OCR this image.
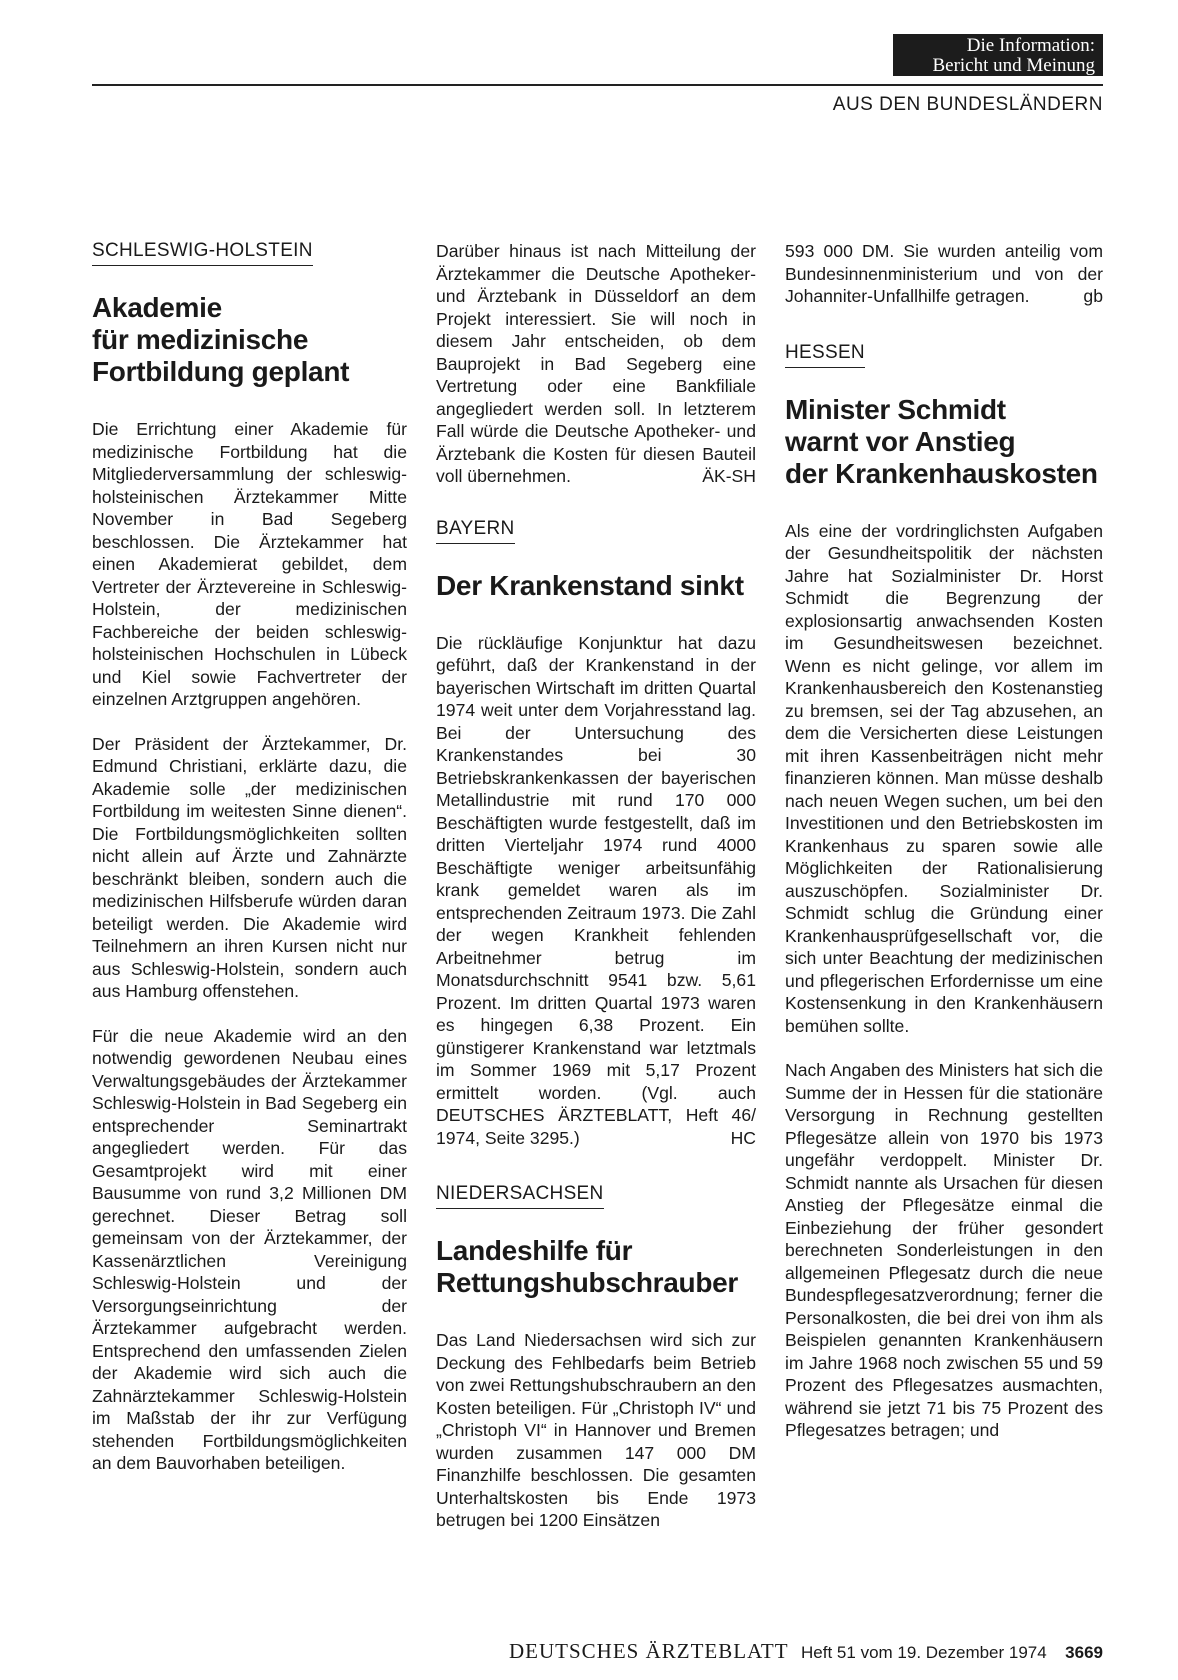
Die Information:
Bericht und Meinung
AUS DEN BUNDESLÄNDERN
SCHLESWIG-HOLSTEIN
Akademie
für medizinische
Fortbildung geplant

Die Errichtung einer Akademie für medizinische Fortbildung hat die Mitgliederversammlung der schleswig-holsteinischen Ärztekammer Mitte November in Bad Segeberg beschlossen. Die Ärztekammer hat einen Akademierat gebildet, dem Vertreter der Ärztevereine in Schleswig-Holstein, der medizinischen Fachbereiche der beiden schleswig-holsteinischen Hochschulen in Lübeck und Kiel sowie Fachvertreter der einzelnen Arztgruppen angehören.

Der Präsident der Ärztekammer, Dr. Edmund Christiani, erklärte dazu, die Akademie solle „der medizinischen Fortbildung im weitesten Sinne dienen“. Die Fortbildungsmöglichkeiten sollten nicht allein auf Ärzte und Zahnärzte beschränkt bleiben, sondern auch die medizinischen Hilfsberufe würden daran beteiligt werden. Die Akademie wird Teilnehmern an ihren Kursen nicht nur aus Schleswig-Holstein, sondern auch aus Hamburg offenstehen.

Für die neue Akademie wird an den notwendig gewordenen Neubau eines Verwaltungsgebäudes der Ärztekammer Schleswig-Holstein in Bad Segeberg ein entsprechender Seminartrakt angegliedert werden. Für das Gesamtprojekt wird mit einer Bausumme von rund 3,2 Millionen DM gerechnet. Dieser Betrag soll gemeinsam von der Ärztekammer, der Kassenärztlichen Vereinigung Schleswig-Holstein und der Versorgungseinrichtung der Ärztekammer aufgebracht werden. Entsprechend den umfassenden Zielen der Akademie wird sich auch die Zahnärztekammer Schleswig-Holstein im Maßstab der ihr zur Verfügung stehenden Fortbildungsmöglichkeiten an dem Bauvorhaben beteiligen.

Darüber hinaus ist nach Mitteilung der Ärztekammer die Deutsche Apotheker- und Ärztebank in Düsseldorf an dem Projekt interessiert. Sie will noch in diesem Jahr entscheiden, ob dem Bauprojekt in Bad Segeberg eine Vertretung oder eine Bankfiliale angegliedert werden soll. In letzterem Fall würde die Deutsche Apotheker- und Ärztebank die Kosten für diesen Bauteil voll übernehmen.	ÄK-SH

BAYERN
Der Krankenstand sinkt

Die rückläufige Konjunktur hat dazu geführt, daß der Krankenstand in der bayerischen Wirtschaft im dritten Quartal 1974 weit unter dem Vorjahresstand lag. Bei der Untersuchung des Krankenstandes bei 30 Betriebskrankenkassen der bayerischen Metallindustrie mit rund 170 000 Beschäftigten wurde festgestellt, daß im dritten Vierteljahr 1974 rund 4000 Beschäftigte weniger arbeitsunfähig krank gemeldet waren als im entsprechenden Zeitraum 1973. Die Zahl der wegen Krankheit fehlenden Arbeitnehmer betrug im Monatsdurchschnitt 9541 bzw. 5,61 Prozent. Im dritten Quartal 1973 waren es hingegen 6,38 Prozent. Ein günstigerer Krankenstand war letztmals im Sommer 1969 mit 5,17 Prozent ermittelt worden. (Vgl. auch DEUTSCHES ÄRZTEBLATT, Heft 46/ 1974, Seite 3295.)	HC

NIEDERSACHSEN
Landeshilfe für
Rettungshubschrauber

Das Land Niedersachsen wird sich zur Deckung des Fehlbedarfs beim Betrieb von zwei Rettungshubschraubern an den Kosten beteiligen. Für „Christoph IV“ und „Christoph VI“ in Hannover und Bremen wurden zusammen 147 000 DM Finanzhilfe beschlossen. Die gesamten Unterhaltskosten bis Ende 1973 betrugen bei 1200 Einsätzen

593 000 DM. Sie wurden anteilig vom Bundesinnenministerium und von der Johanniter-Unfallhilfe getragen.	gb

HESSEN
Minister Schmidt
warnt vor Anstieg
der Krankenhauskosten

Als eine der vordringlichsten Aufgaben der Gesundheitspolitik der nächsten Jahre hat Sozialminister Dr. Horst Schmidt die Begrenzung der explosionsartig anwachsenden Kosten im Gesundheitswesen bezeichnet. Wenn es nicht gelinge, vor allem im Krankenhausbereich den Kostenanstieg zu bremsen, sei der Tag abzusehen, an dem die Versicherten diese Leistungen mit ihren Kassenbeiträgen nicht mehr finanzieren können. Man müsse deshalb nach neuen Wegen suchen, um bei den Investitionen und den Betriebskosten im Krankenhaus zu sparen sowie alle Möglichkeiten der Rationalisierung auszuschöpfen. Sozialminister Dr. Schmidt schlug die Gründung einer Krankenhausprüfgesellschaft vor, die sich unter Beachtung der medizinischen und pflegerischen Erfordernisse um eine Kostensenkung in den Krankenhäusern bemühen sollte.

Nach Angaben des Ministers hat sich die Summe der in Hessen für die stationäre Versorgung in Rechnung gestellten Pflegesätze allein von 1970 bis 1973 ungefähr verdoppelt. Minister Dr. Schmidt nannte als Ursachen für diesen Anstieg der Pflegesätze einmal die Einbeziehung der früher gesondert berechneten Sonderleistungen in den allgemeinen Pflegesatz durch die neue Bundespflegesatzverordnung; ferner die Personalkosten, die bei drei von ihm als Beispielen genannten Krankenhäusern im Jahre 1968 noch zwischen 55 und 59 Prozent des Pflegesatzes ausmachten, während sie jetzt 71 bis 75 Prozent des Pflegesatzes betragen; und

DEUTSCHES ÄRZTEBLATT Heft 51 vom 19. Dezember 1974 3669
